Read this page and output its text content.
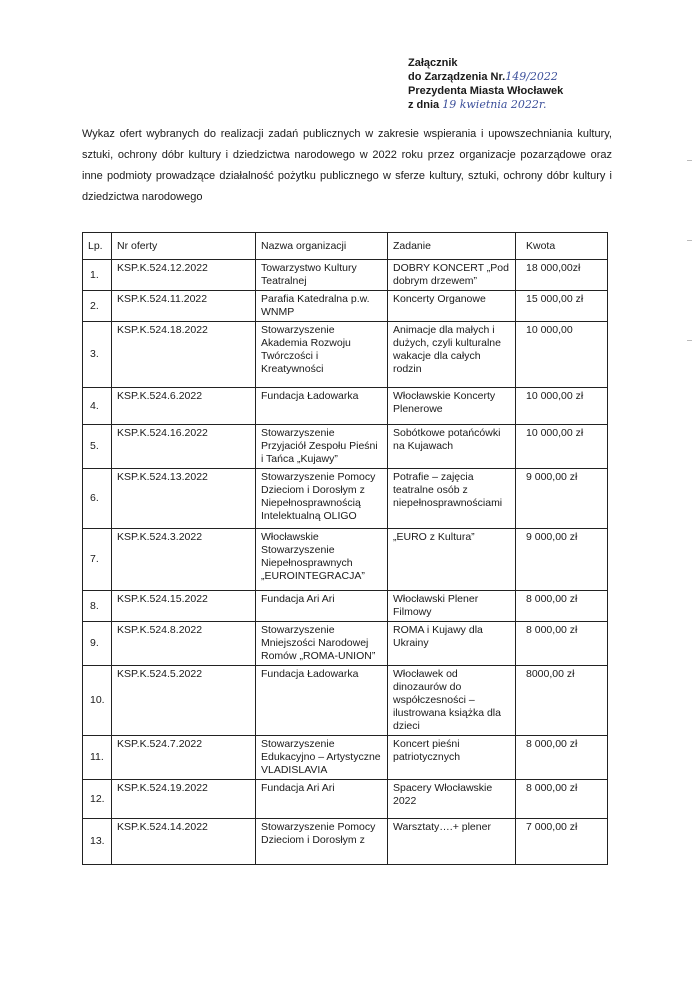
Załącznik
do Zarządzenia Nr.149/2022
Prezydenta Miasta Włocławek
z dnia 19 kwietnia 2022r.

Wykaz ofert wybranych do realizacji zadań publicznych w zakresie wspierania i upowszechniania kultury, sztuki, ochrony dóbr kultury i dziedzictwa narodowego w 2022 roku przez organizacje pozarządowe oraz inne podmioty prowadzące działalność pożytku publicznego w sferze kultury, sztuki, ochrony dóbr kultury i dziedzictwa narodowego

Lp.	Nr oferty	Nazwa organizacji	Zadanie	Kwota
1.	KSP.K.524.12.2022	Towarzystwo Kultury Teatralnej	DOBRY KONCERT „Pod dobrym drzewem”	18 000,00zł
2.	KSP.K.524.11.2022	Parafia Katedralna p.w. WNMP	Koncerty Organowe	15 000,00 zł
3.	KSP.K.524.18.2022	Stowarzyszenie Akademia Rozwoju Twórczości i Kreatywności	Animacje dla małych i dużych, czyli kulturalne wakacje dla całych rodzin	10 000,00
4.	KSP.K.524.6.2022	Fundacja Ładowarka	Włocławskie Koncerty Plenerowe	10 000,00 zł
5.	KSP.K.524.16.2022	Stowarzyszenie Przyjaciół Zespołu Pieśni i Tańca „Kujawy”	Sobótkowe potańcówki na Kujawach	10 000,00 zł
6.	KSP.K.524.13.2022	Stowarzyszenie Pomocy Dzieciom i Dorosłym z Niepełnosprawnością Intelektualną OLIGO	Potrafie – zajęcia teatralne osób z niepełnosprawnościami	9 000,00 zł
7.	KSP.K.524.3.2022	Włocławskie Stowarzyszenie Niepełnosprawnych „EUROINTEGRACJA”	„EURO z Kultura”	9 000,00 zł
8.	KSP.K.524.15.2022	Fundacja Ari Ari	Włocławski Plener Filmowy	8 000,00 zł
9.	KSP.K.524.8.2022	Stowarzyszenie Mniejszości Narodowej Romów „ROMA-UNION”	ROMA i Kujawy dla Ukrainy	8 000,00 zł
10.	KSP.K.524.5.2022	Fundacja Ładowarka	Włocławek od dinozaurów do współczesności – ilustrowana książka dla dzieci	8000,00 zł
11.	KSP.K.524.7.2022	Stowarzyszenie Edukacyjno – Artystyczne VLADISLAVIA	Koncert pieśni patriotycznych	8 000,00 zł
12.	KSP.K.524.19.2022	Fundacja Ari Ari	Spacery Włocławskie 2022	8 000,00 zł
13.	KSP.K.524.14.2022	Stowarzyszenie Pomocy Dzieciom i Dorosłym z	Warsztaty….+ plener	7 000,00 zł
